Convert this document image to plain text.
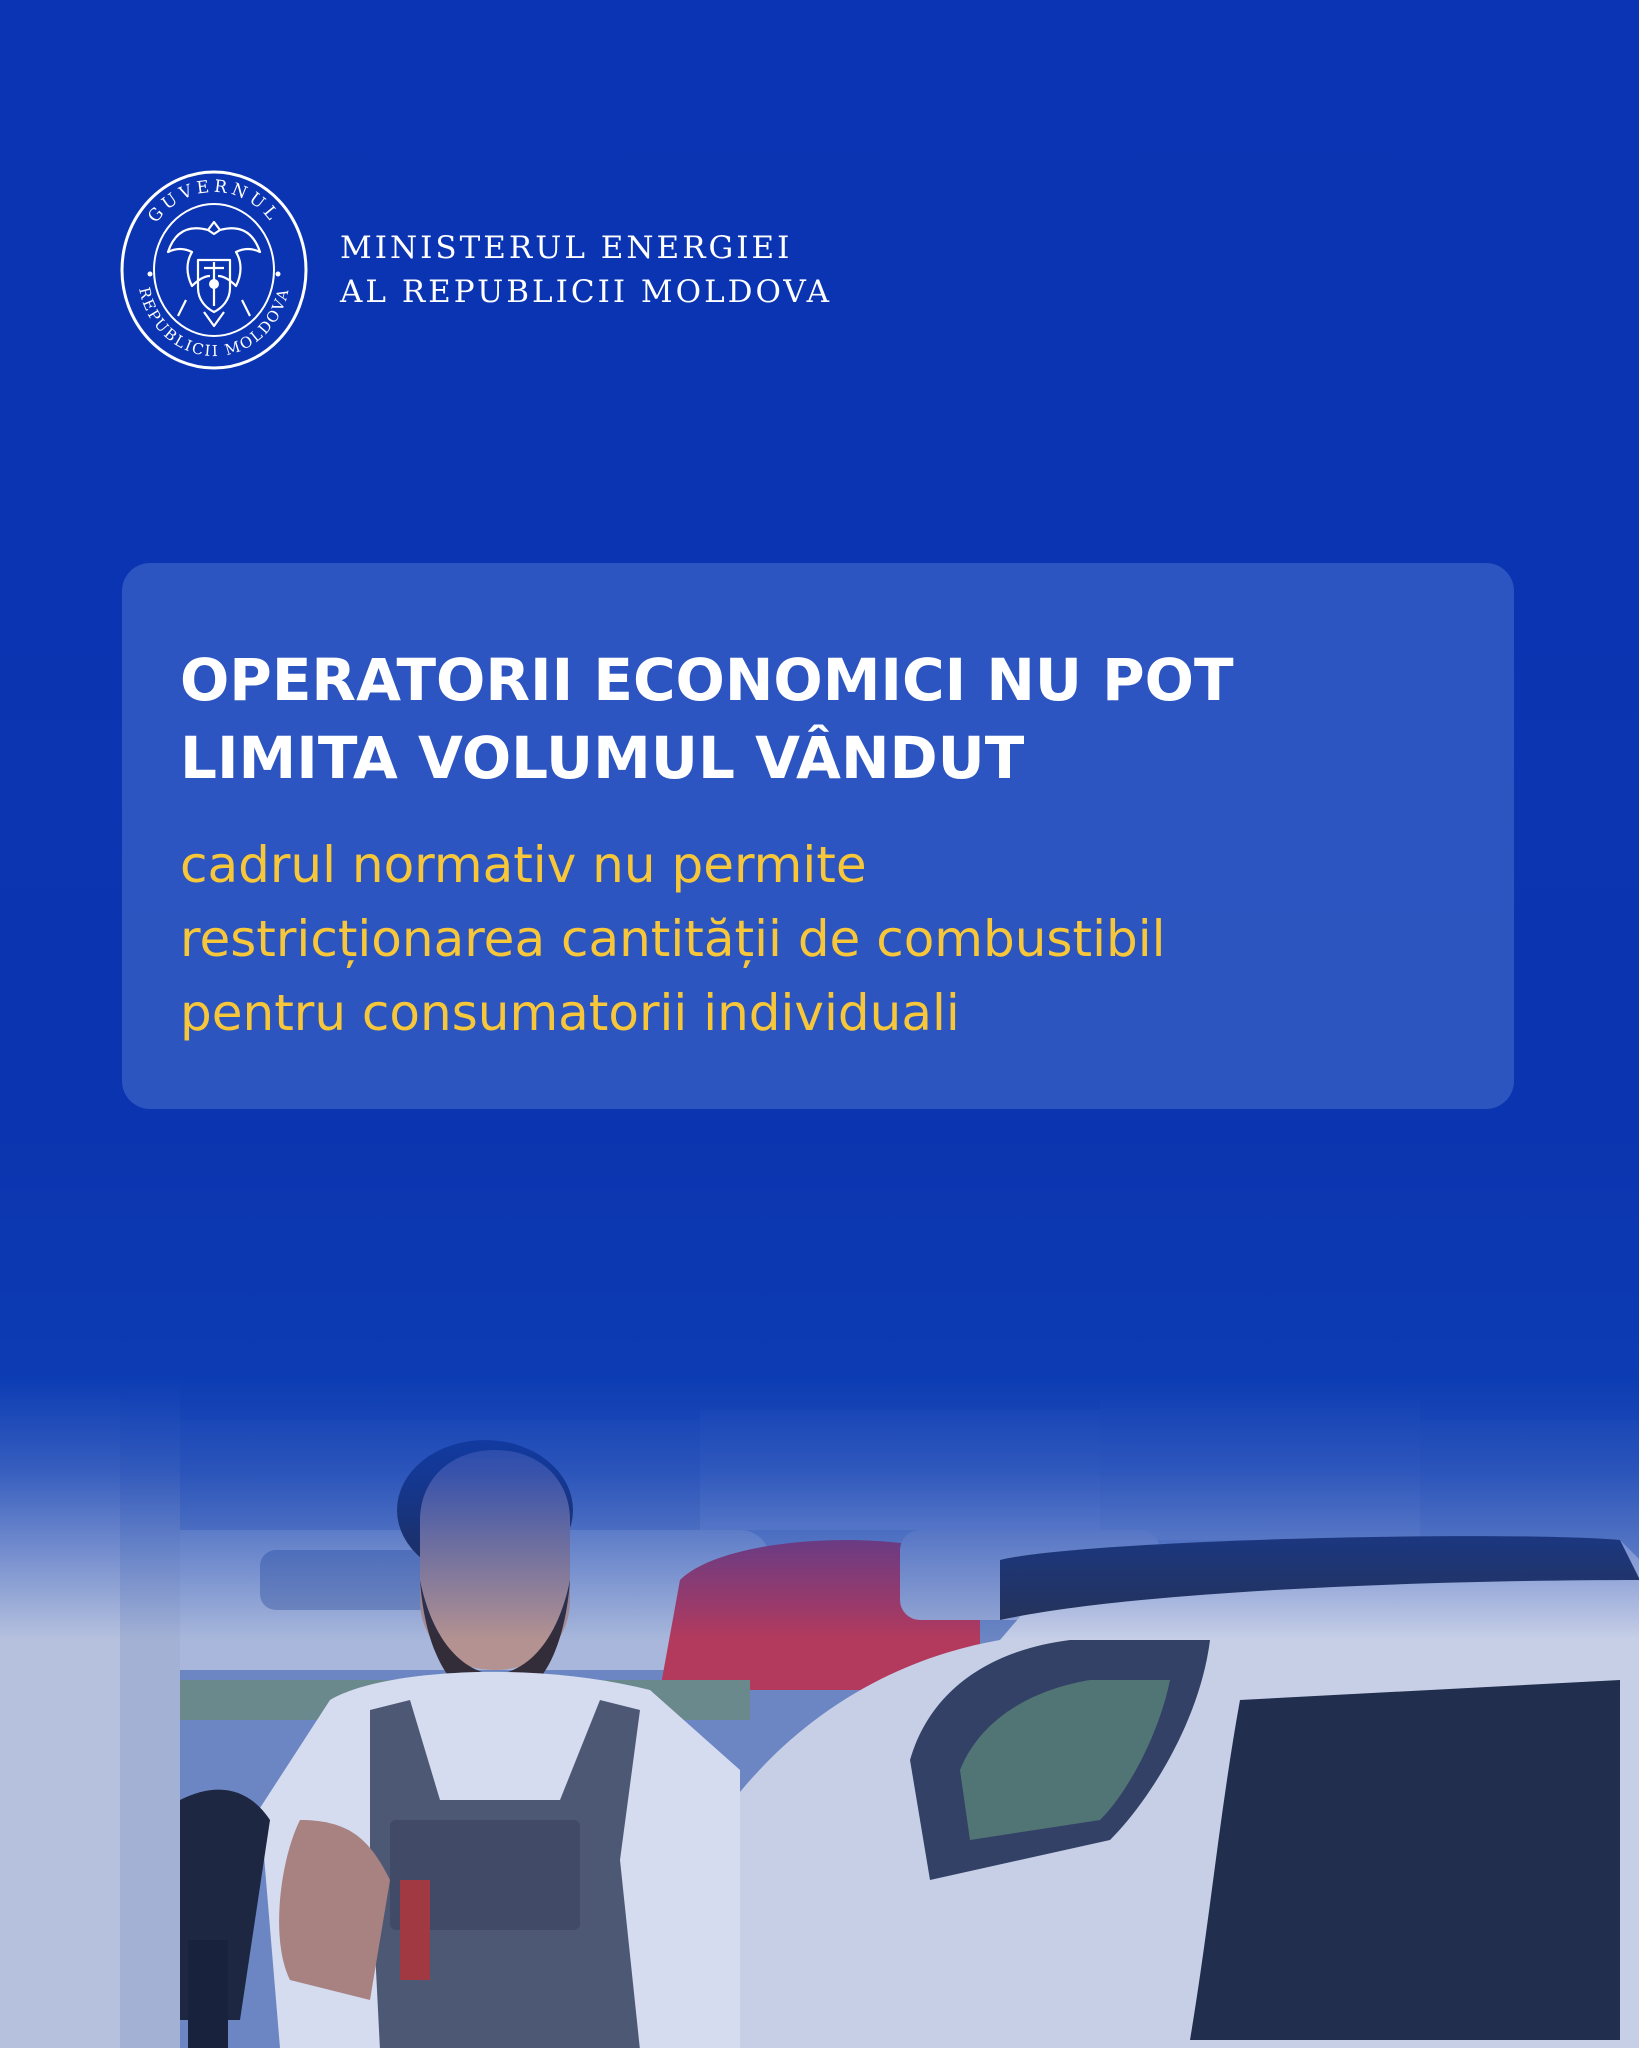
GUVERNUL
REPUBLICII MOLDOVA
MINISTERUL ENERGIEI
AL REPUBLICII MOLDOVA
OPERATORII ECONOMICI NU POT
LIMITA VOLUMUL VÂNDUT
cadrul normativ nu permite
restricționarea cantității de combustibil
pentru consumatorii individuali
